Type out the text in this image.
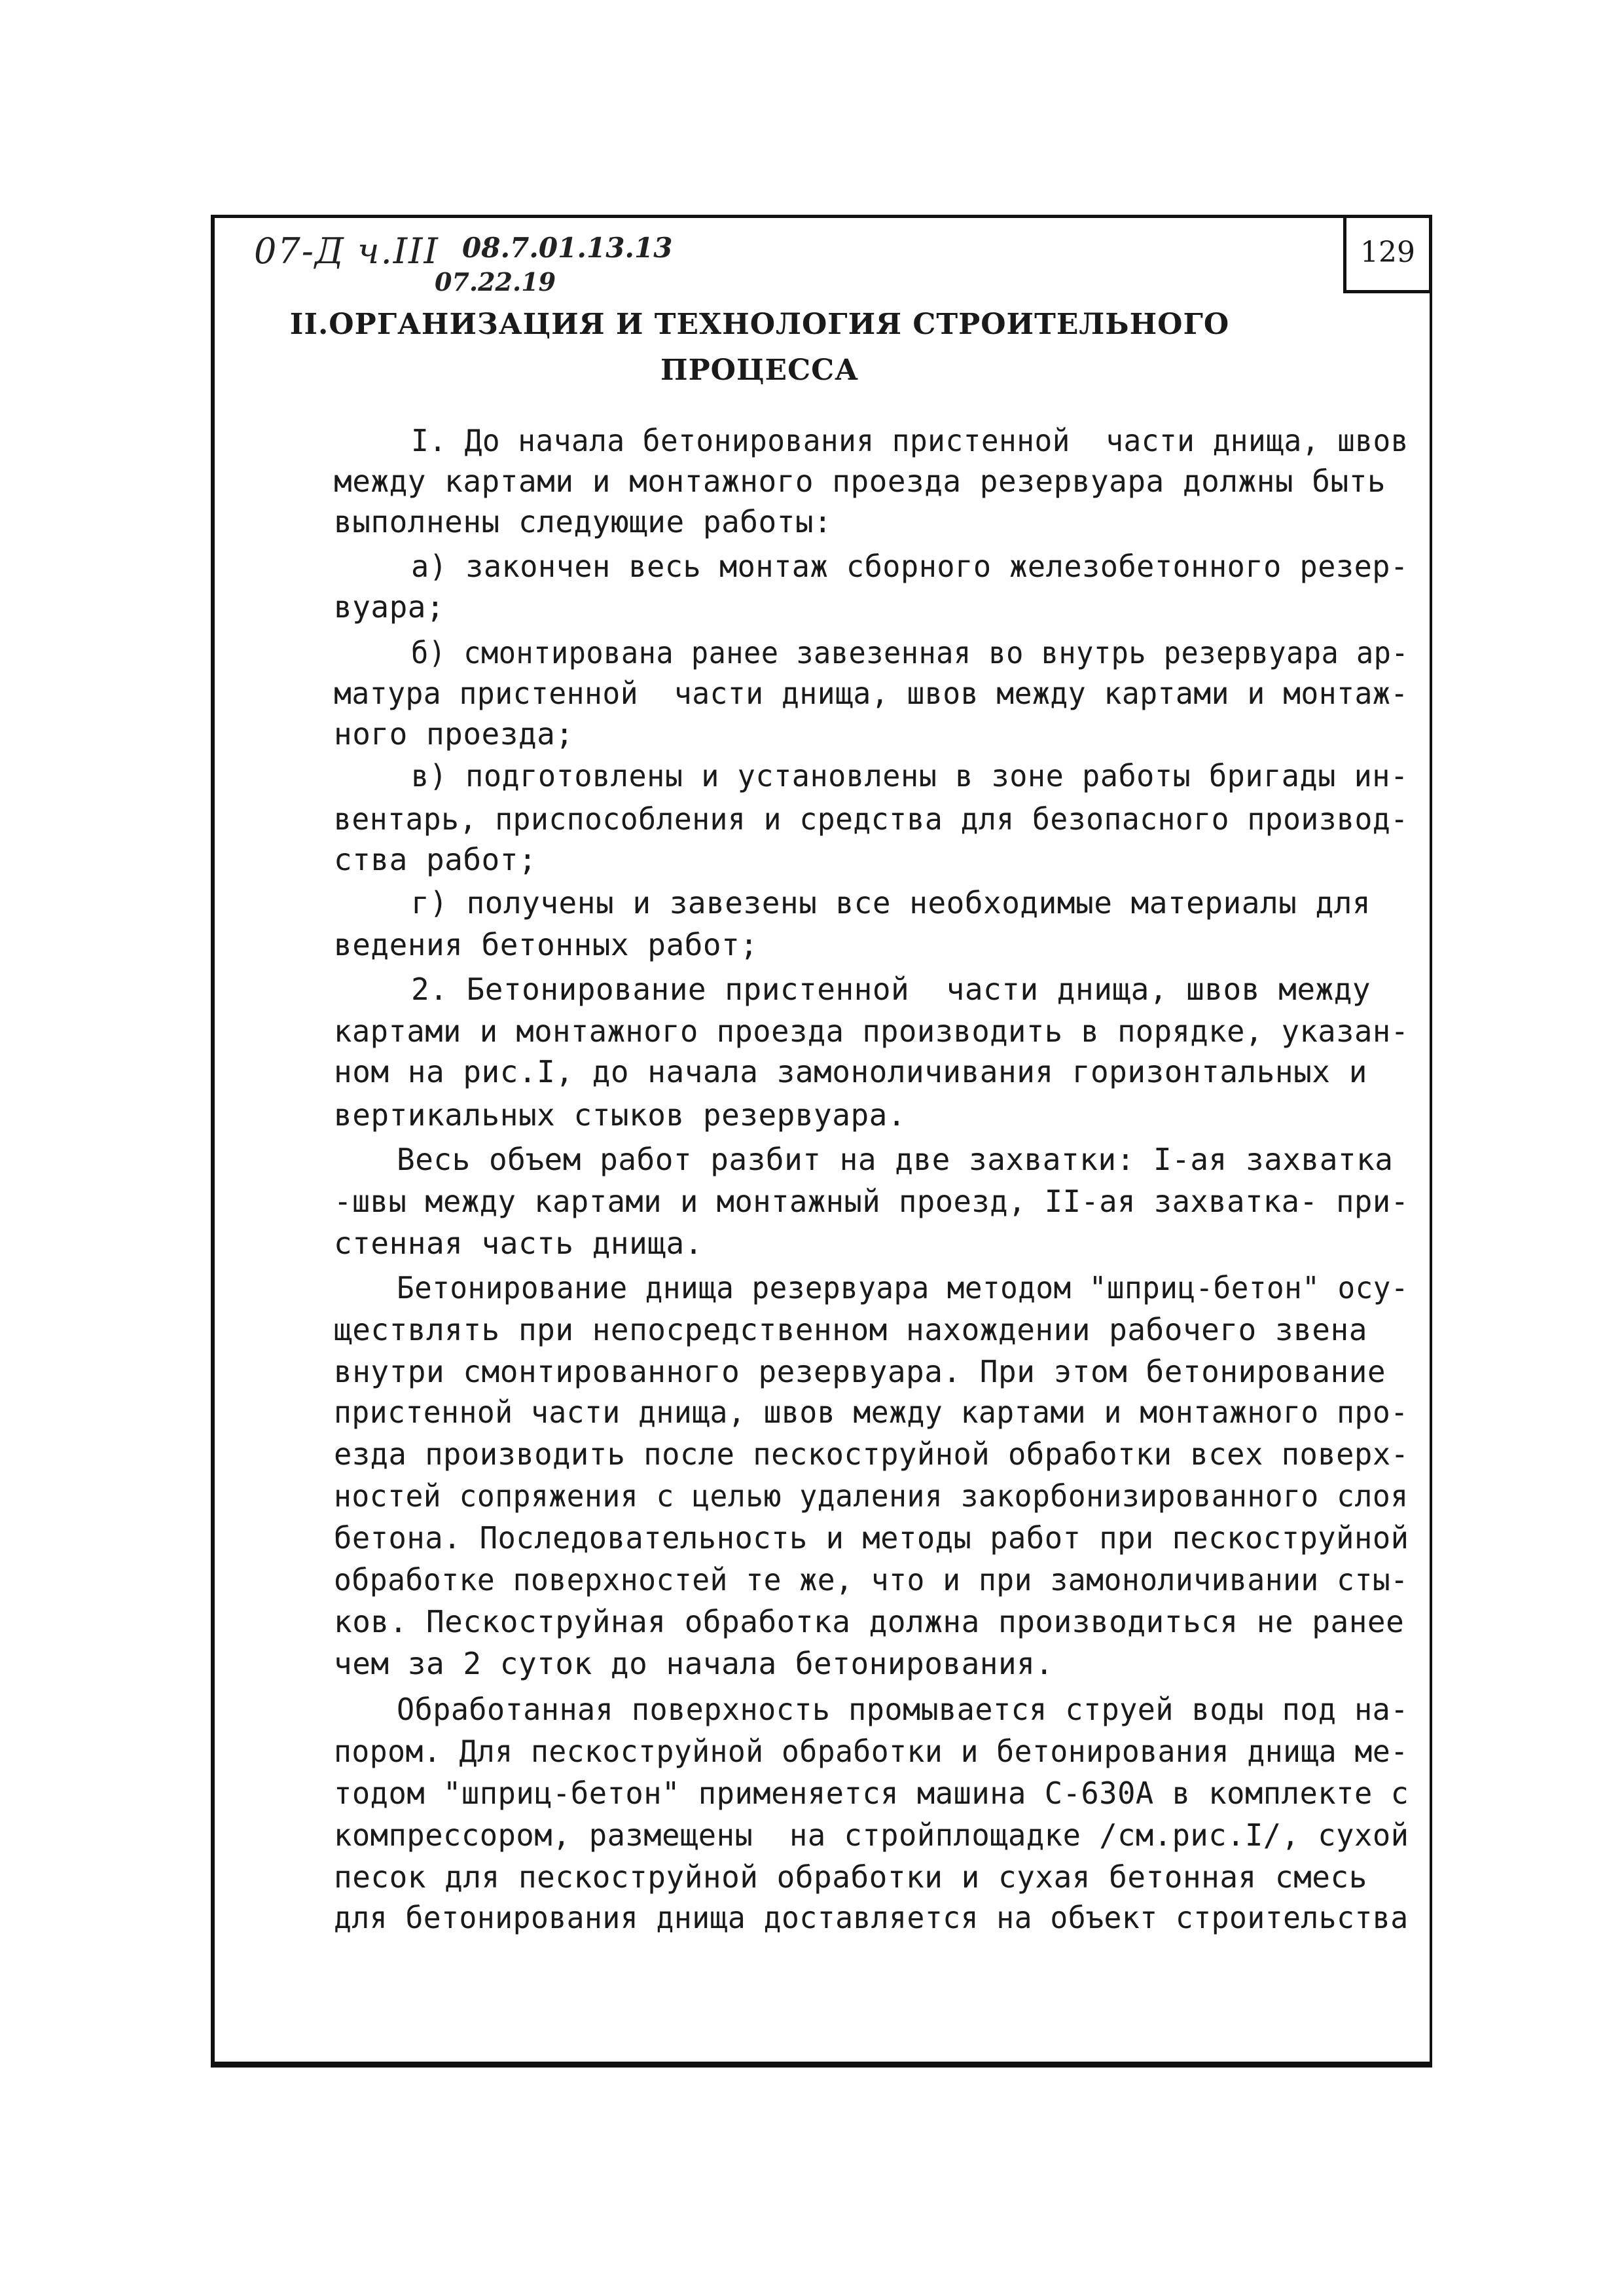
129
07-Д ч.III 08.7.01.13.13
07.22.19
II.ОРГАНИЗАЦИЯ И ТЕХНОЛОГИЯ СТРОИТЕЛЬНОГО
ПРОЦЕССА
I. До начала бетонирования пристенной  части днища, швов
между картами и монтажного проезда резервуара должны быть
выполнены следующие работы:
а) закончен весь монтаж сборного железобетонного резер-
вуара;
б) смонтирована ранее завезенная во внутрь резервуара ар-
матура пристенной  части днища, швов между картами и монтаж-
ного проезда;
в) подготовлены и установлены в зоне работы бригады ин-
вентарь, приспособления и средства для безопасного производ-
ства работ;
г) получены и завезены все необходимые материалы для
ведения бетонных работ;
2. Бетонирование пристенной  части днища, швов между
картами и монтажного проезда производить в порядке, указан-
ном на рис.I, до начала замоноличивания горизонтальных и
вертикальных стыков резервуара.
Весь объем работ разбит на две захватки: I-ая захватка
-швы между картами и монтажный проезд, II-ая захватка- при-
стенная часть днища.
Бетонирование днища резервуара методом "шприц-бетон" осу-
ществлять при непосредственном нахождении рабочего звена
внутри смонтированного резервуара. При этом бетонирование
пристенной части днища, швов между картами и монтажного про-
езда производить после пескоструйной обработки всех поверх-
ностей сопряжения с целью удаления закорбонизированного слоя
бетона. Последовательность и методы работ при пескоструйной
обработке поверхностей те же, что и при замоноличивании сты-
ков. Пескоструйная обработка должна производиться не ранее
чем за 2 суток до начала бетонирования.
Обработанная поверхность промывается струей воды под на-
пором. Для пескоструйной обработки и бетонирования днища ме-
тодом "шприц-бетон" применяется машина С-630А в комплекте с
компрессором, размещены  на стройплощадке /см.рис.I/, сухой
песок для пескоструйной обработки и сухая бетонная смесь
для бетонирования днища доставляется на объект строительства
